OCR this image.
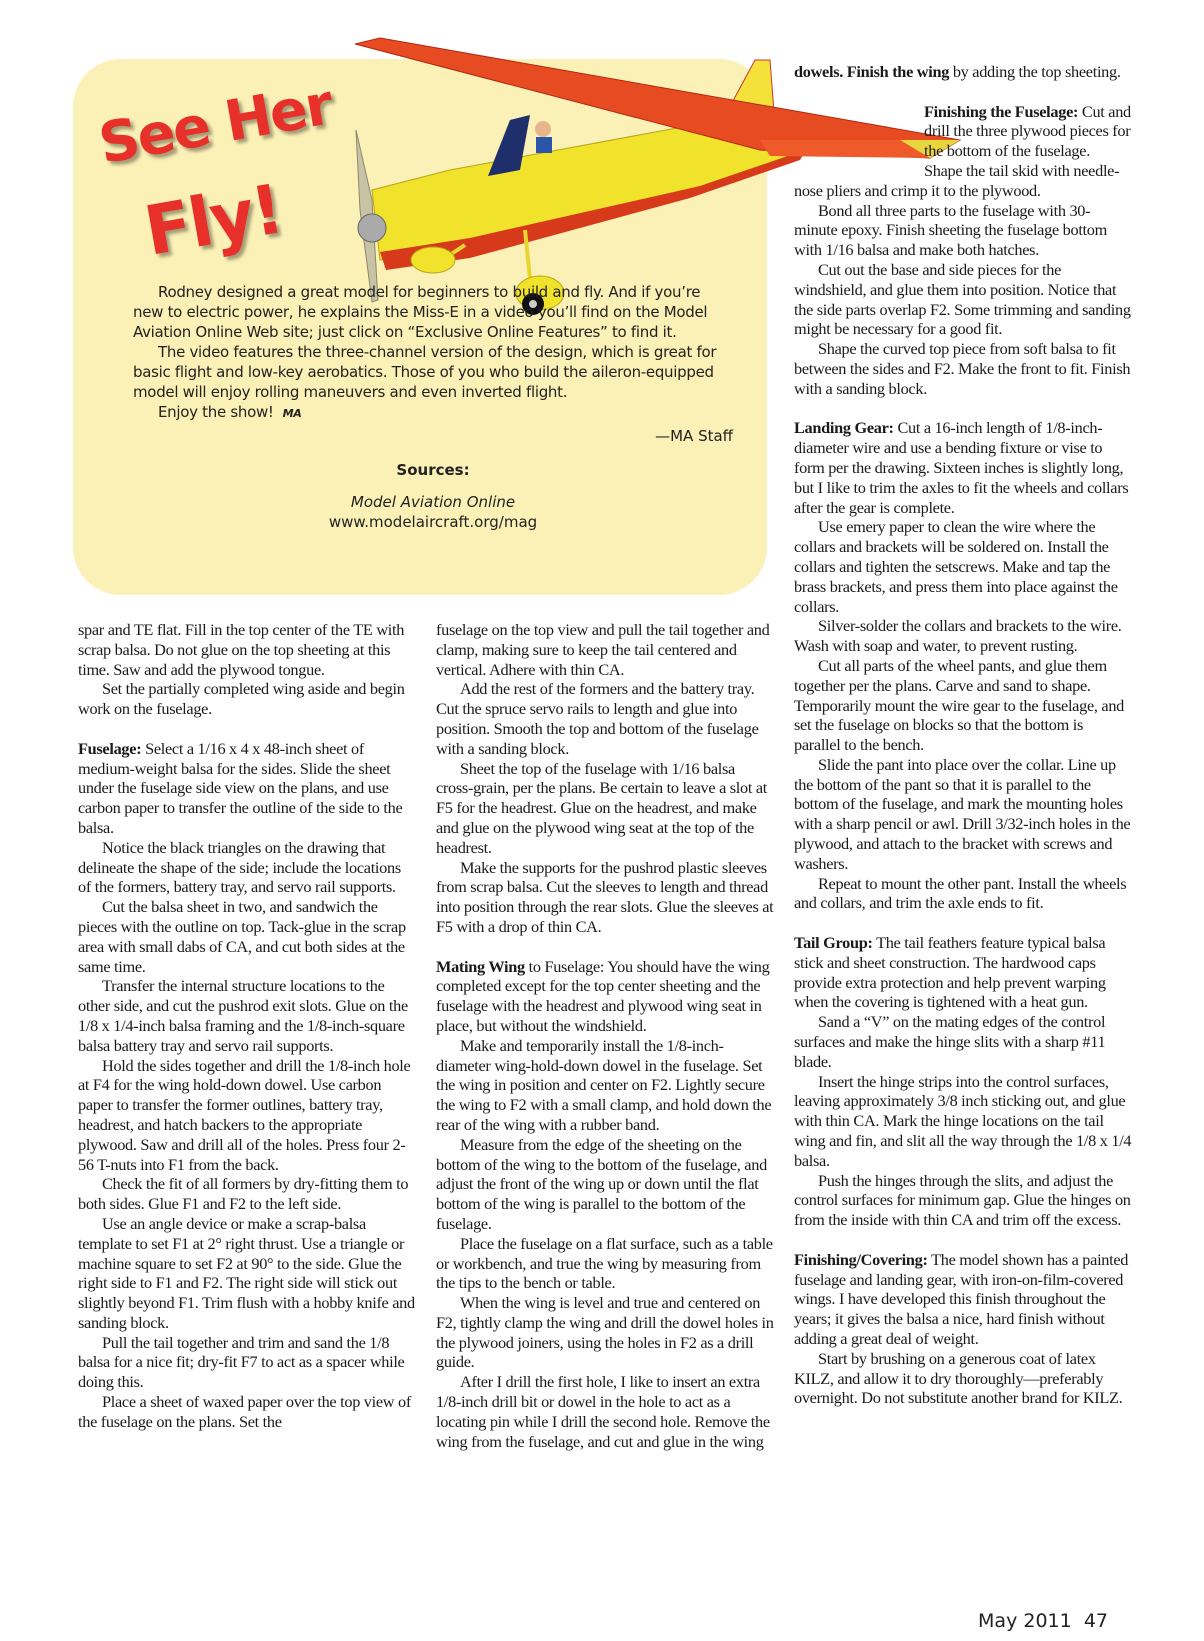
See Her
Fly!

Rodney designed a great model for beginners to build and fly. And if you’re new to electric power, he explains the Miss-E in a video you’ll find on the Model Aviation Online Web site; just click on “Exclusive Online Features” to find it.

The video features the three-channel version of the design, which is great for basic flight and low-key aerobatics. Those of you who build the aileron-equipped model will enjoy rolling maneuvers and even inverted flight.

Enjoy the show! MA

—MA Staff
Sources:
Model Aviation Online
www.modelaircraft.org/mag

spar and TE flat. Fill in the top center of the TE with scrap balsa. Do not glue on the top sheeting at this time. Saw and add the plywood tongue.

Set the partially completed wing aside and begin work on the fuselage.

Fuselage: Select a 1/16 x 4 x 48-inch sheet of medium-weight balsa for the sides. Slide the sheet under the fuselage side view on the plans, and use carbon paper to transfer the outline of the side to the balsa.

Notice the black triangles on the drawing that delineate the shape of the side; include the locations of the formers, battery tray, and servo rail supports.

Cut the balsa sheet in two, and sandwich the pieces with the outline on top. Tack-glue in the scrap area with small dabs of CA, and cut both sides at the same time.

Transfer the internal structure locations to the other side, and cut the pushrod exit slots. Glue on the 1/8 x 1/4-inch balsa framing and the 1/8-inch-square balsa battery tray and servo rail supports.

Hold the sides together and drill the 1/8-inch hole at F4 for the wing hold-down dowel. Use carbon paper to transfer the former outlines, battery tray, headrest, and hatch backers to the appropriate plywood. Saw and drill all of the holes. Press four 2-56 T-nuts into F1 from the back.

Check the fit of all formers by dry-fitting them to both sides. Glue F1 and F2 to the left side.

Use an angle device or make a scrap-balsa template to set F1 at 2° right thrust. Use a triangle or machine square to set F2 at 90° to the side. Glue the right side to F1 and F2. The right side will stick out slightly beyond F1. Trim flush with a hobby knife and sanding block.

Pull the tail together and trim and sand the 1/8 balsa for a nice fit; dry-fit F7 to act as a spacer while doing this.

Place a sheet of waxed paper over the top view of the fuselage on the plans. Set the

fuselage on the top view and pull the tail together and clamp, making sure to keep the tail centered and vertical. Adhere with thin CA.

Add the rest of the formers and the battery tray. Cut the spruce servo rails to length and glue into position. Smooth the top and bottom of the fuselage with a sanding block.

Sheet the top of the fuselage with 1/16 balsa cross-grain, per the plans. Be certain to leave a slot at F5 for the headrest. Glue on the headrest, and make and glue on the plywood wing seat at the top of the headrest.

Make the supports for the pushrod plastic sleeves from scrap balsa. Cut the sleeves to length and thread into position through the rear slots. Glue the sleeves at F5 with a drop of thin CA.

Mating Wing to Fuselage: You should have the wing completed except for the top center sheeting and the fuselage with the headrest and plywood wing seat in place, but without the windshield.

Make and temporarily install the 1/8-inch-diameter wing-hold-down dowel in the fuselage. Set the wing in position and center on F2. Lightly secure the wing to F2 with a small clamp, and hold down the rear of the wing with a rubber band.

Measure from the edge of the sheeting on the bottom of the wing to the bottom of the fuselage, and adjust the front of the wing up or down until the flat bottom of the wing is parallel to the bottom of the fuselage.

Place the fuselage on a flat surface, such as a table or workbench, and true the wing by measuring from the tips to the bench or table.

When the wing is level and true and centered on F2, tightly clamp the wing and drill the dowel holes in the plywood joiners, using the holes in F2 as a drill guide.

After I drill the first hole, I like to insert an extra 1/8-inch drill bit or dowel in the hole to act as a locating pin while I drill the second hole. Remove the wing from the fuselage, and cut and glue in the wing

dowels. Finish the wing by adding the top sheeting.

Finishing the Fuselage: Cut and drill the three plywood pieces for the bottom of the fuselage. Shape the tail skid with needle-nose pliers and crimp it to the plywood.

Bond all three parts to the fuselage with 30-minute epoxy. Finish sheeting the fuselage bottom with 1/16 balsa and make both hatches.

Cut out the base and side pieces for the windshield, and glue them into position. Notice that the side parts overlap F2. Some trimming and sanding might be necessary for a good fit.

Shape the curved top piece from soft balsa to fit between the sides and F2. Make the front to fit. Finish with a sanding block.

Landing Gear: Cut a 16-inch length of 1/8-inch-diameter wire and use a bending fixture or vise to form per the drawing. Sixteen inches is slightly long, but I like to trim the axles to fit the wheels and collars after the gear is complete.

Use emery paper to clean the wire where the collars and brackets will be soldered on. Install the collars and tighten the setscrews. Make and tap the brass brackets, and press them into place against the collars.

Silver-solder the collars and brackets to the wire. Wash with soap and water, to prevent rusting.

Cut all parts of the wheel pants, and glue them together per the plans. Carve and sand to shape. Temporarily mount the wire gear to the fuselage, and set the fuselage on blocks so that the bottom is parallel to the bench.

Slide the pant into place over the collar. Line up the bottom of the pant so that it is parallel to the bottom of the fuselage, and mark the mounting holes with a sharp pencil or awl. Drill 3/32-inch holes in the plywood, and attach to the bracket with screws and washers.

Repeat to mount the other pant. Install the wheels and collars, and trim the axle ends to fit.

Tail Group: The tail feathers feature typical balsa stick and sheet construction. The hardwood caps provide extra protection and help prevent warping when the covering is tightened with a heat gun.

Sand a “V” on the mating edges of the control surfaces and make the hinge slits with a sharp #11 blade.

Insert the hinge strips into the control surfaces, leaving approximately 3/8 inch sticking out, and glue with thin CA. Mark the hinge locations on the tail wing and fin, and slit all the way through the 1/8 x 1/4 balsa.

Push the hinges through the slits, and adjust the control surfaces for minimum gap. Glue the hinges on from the inside with thin CA and trim off the excess.

Finishing/Covering: The model shown has a painted fuselage and landing gear, with iron-on-film-covered wings. I have developed this finish throughout the years; it gives the balsa a nice, hard finish without adding a great deal of weight.

Start by brushing on a generous coat of latex KILZ, and allow it to dry thoroughly—preferably overnight. Do not substitute another brand for KILZ.

May 2011 47
